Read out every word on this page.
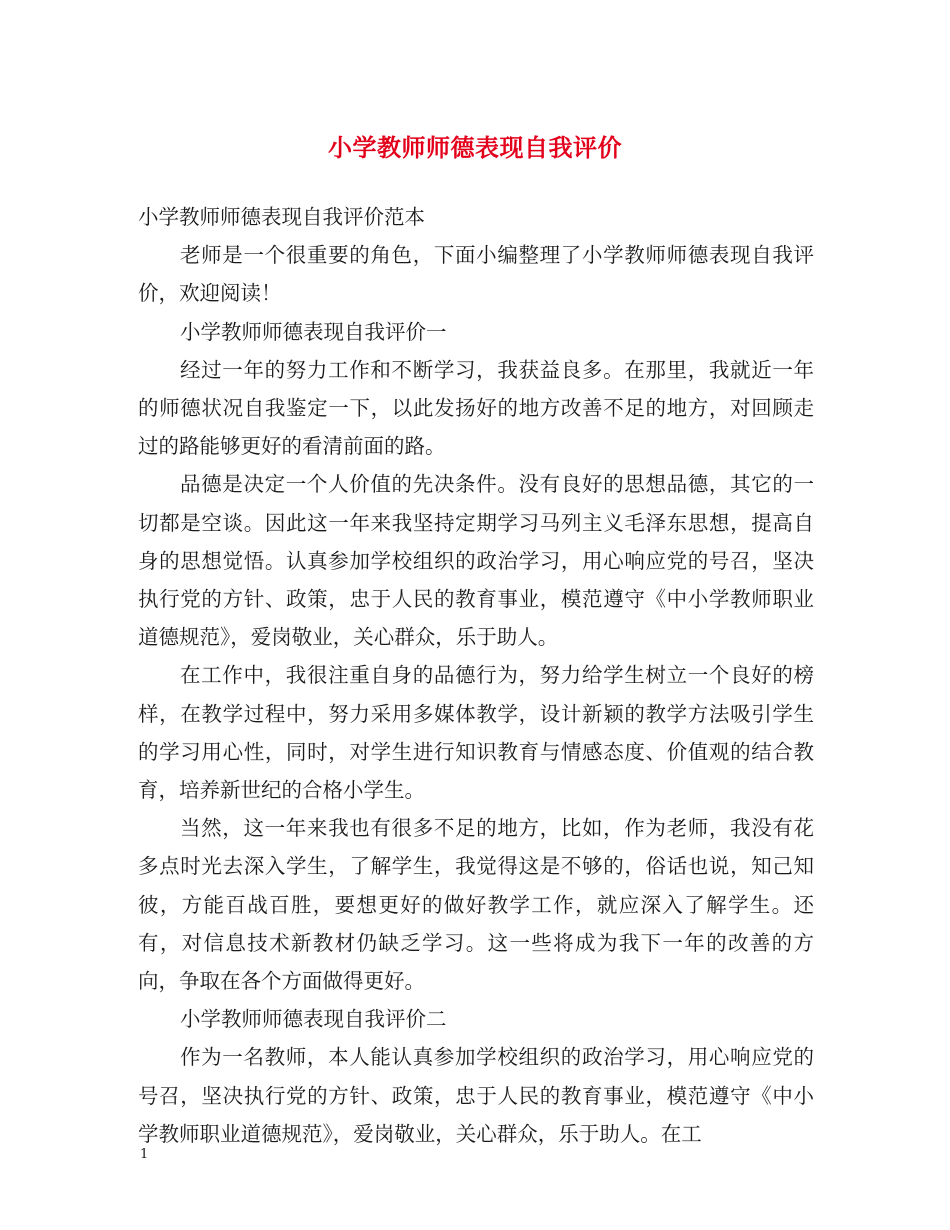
小学教师师德表现自我评价

小学教师师德表现自我评价范本

老师是一个很重要的角色，下面小编整理了小学教师师德表现自我评价，欢迎阅读！

小学教师师德表现自我评价一

经过一年的努力工作和不断学习，我获益良多。在那里，我就近一年的师德状况自我鉴定一下，以此发扬好的地方改善不足的地方，对回顾走过的路能够更好的看清前面的路。

品德是决定一个人价值的先决条件。没有良好的思想品德，其它的一切都是空谈。因此这一年来我坚持定期学习马列主义毛泽东思想，提高自身的思想觉悟。认真参加学校组织的政治学习，用心响应党的号召，坚决执行党的方针、政策，忠于人民的教育事业，模范遵守《中小学教师职业道德规范》，爱岗敬业，关心群众，乐于助人。

在工作中，我很注重自身的品德行为，努力给学生树立一个良好的榜样，在教学过程中，努力采用多媒体教学，设计新颖的教学方法吸引学生的学习用心性，同时，对学生进行知识教育与情感态度、价值观的结合教育，培养新世纪的合格小学生。

当然，这一年来我也有很多不足的地方，比如，作为老师，我没有花多点时光去深入学生，了解学生，我觉得这是不够的，俗话也说，知己知彼，方能百战百胜，要想更好的做好教学工作，就应深入了解学生。还有，对信息技术新教材仍缺乏学习。这一些将成为我下一年的改善的方向，争取在各个方面做得更好。

小学教师师德表现自我评价二

作为一名教师，本人能认真参加学校组织的政治学习，用心响应党的号召，坚决执行党的方针、政策，忠于人民的教育事业，模范遵守《中小学教师职业道德规范》，爱岗敬业，关心群众，乐于助人。在工

1
